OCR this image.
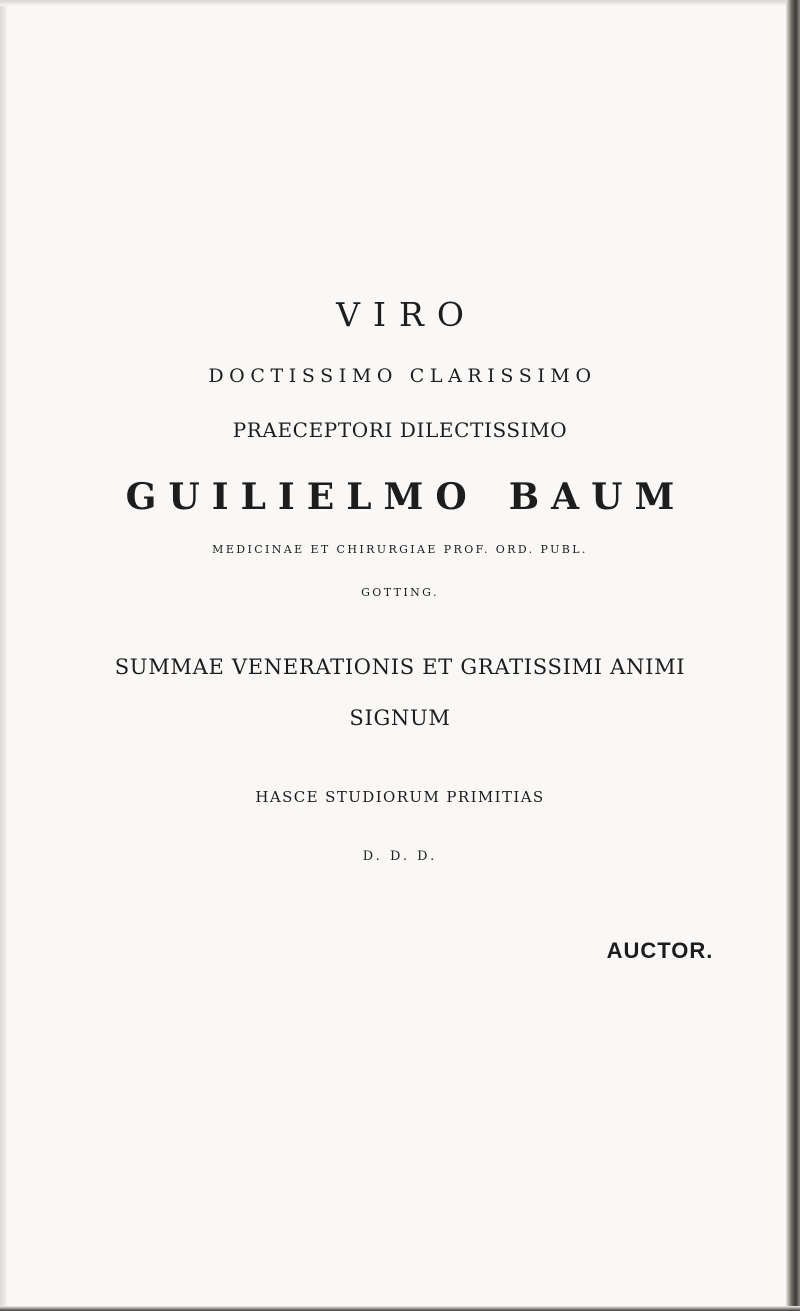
VIRO
DOCTISSIMO CLARISSIMO
PRAECEPTORI DILECTISSIMO
GUILIELMO BAUM
MEDICINAE ET CHIRURGIAE PROF. ORD. PUBL.
GOTTING.
SUMMAE VENERATIONIS ET GRATISSIMI ANIMI
SIGNUM
HASCE STUDIORUM PRIMITIAS
D. D. D.
AUCTOR.
